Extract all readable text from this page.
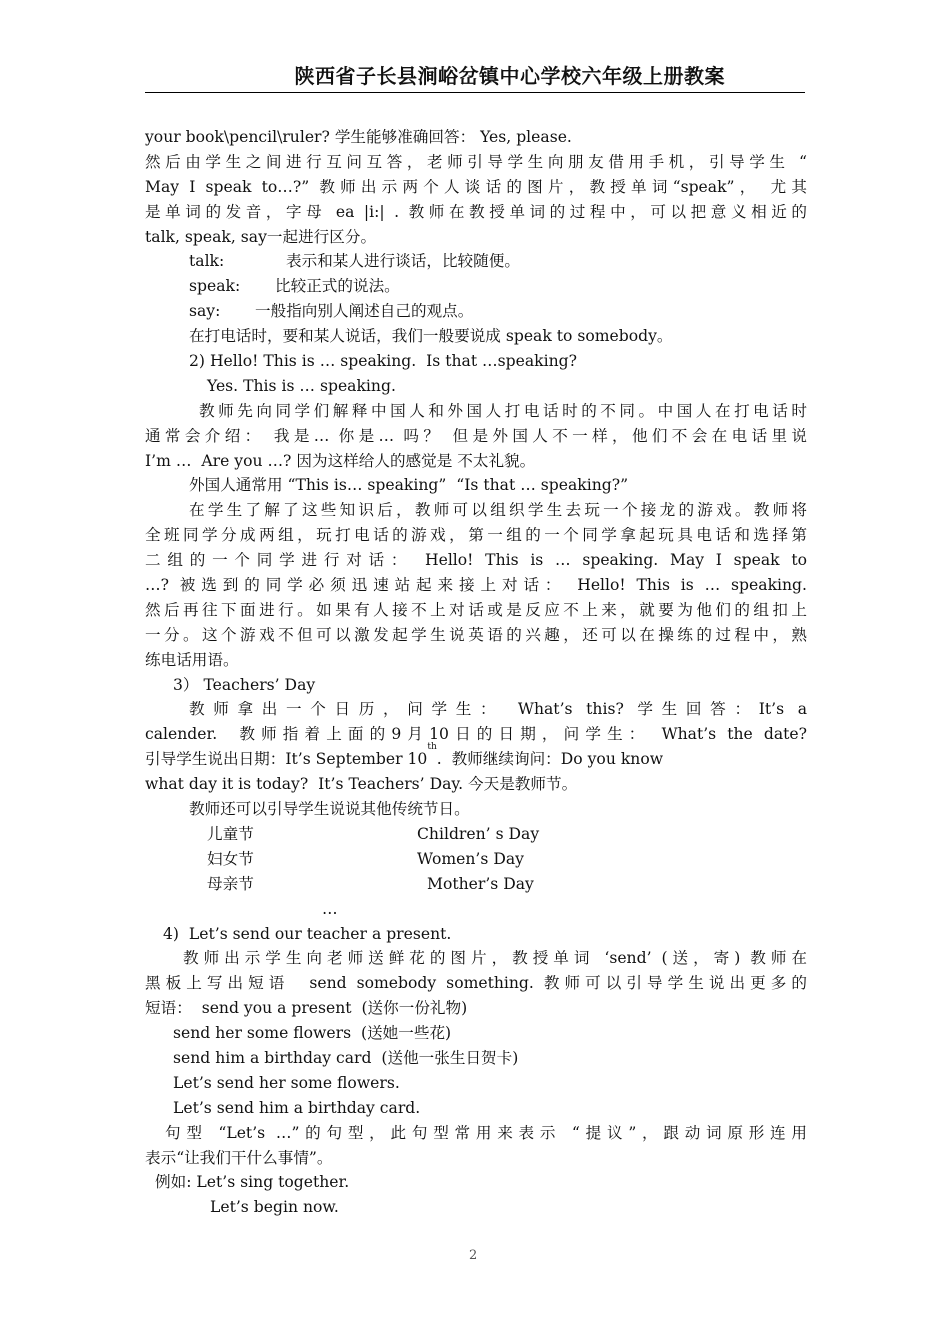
陕西省子长县涧峪岔镇中心学校六年级上册教案
your book\pencil\ruler? 学生能够准确回答： Yes, please.
然后由学生之间进行互问互答，老师引导学生向朋友借用手机，引导学生 “
May I speak to…?” 教师出示两个人谈话的图片，教授单词“speak”， 尤其
是单词的发音，字母 ea |i:| . 教师在教授单词的过程中，可以把意义相近的
talk, speak, say一起进行区分。
talk:	表示和某人进行谈话，比较随便。
speak: 比较正式的说法。
say: 一般指向别人阐述自己的观点。
在打电话时，要和某人说话，我们一般要说成 speak to somebody。
2) Hello! This is … speaking.  Is that …speaking?
Yes. This is … speaking.
教师先向同学们解释中国人和外国人打电话时的不同。中国人在打电话时
通常会介绍： 我是… 你是… 吗？ 但是外国人不一样，他们不会在电话里说
I’m …  Are you …? 因为这样给人的感觉是 不太礼貌。
外国人通常用 “This is… speaking”  “Is that … speaking?”
在学生了解了这些知识后，教师可以组织学生去玩一个接龙的游戏。教师将
全班同学分成两组，玩打电话的游戏，第一组的一个同学拿起玩具电话和选择第
二组的一个同学进行对话： Hello! This is … speaking. May I speak to
…? 被选到的同学必须迅速站起来接上对话： Hello! This is … speaking.
然后再往下面进行。如果有人接不上对话或是反应不上来，就要为他们的组扣上
一分。这个游戏不但可以激发起学生说英语的兴趣，还可以在操练的过程中，熟
练电话用语。
3） Teachers’ Day
教师拿出一个日历，问学生： What’s this? 学生回答：It’s a
calender.  教师指着上面的9月10日的日期，问学生： What’s the date?
引导学生说出日期：It’s September 10
th
.  教师继续询问：Do you know
what day it is today?  It’s Teachers’ Day. 今天是教师节。
教师还可以引导学生说说其他传统节日。
儿童节	Children’ s Day
妇女节	Women’s Day
母亲节	Mother’s Day
…
4)  Let’s send our teacher a present.
教师出示学生向老师送鲜花的图片，教授单词 ‘send’ (送，寄) 教师在
黑板上写出短语  send somebody something. 教师可以引导学生说出更多的
短语：  send you a present  (送你一份礼物)
send her some flowers  (送她一些花)
send him a birthday card  (送他一张生日贺卡)
Let’s send her some flowers.
Let’s send him a birthday card.
句型 “Let’s …”的句型，此句型常用来表示 “提议”，跟动词原形连用
表示“让我们干什么事情”。
例如: Let’s sing together.
Let’s begin now.
2
